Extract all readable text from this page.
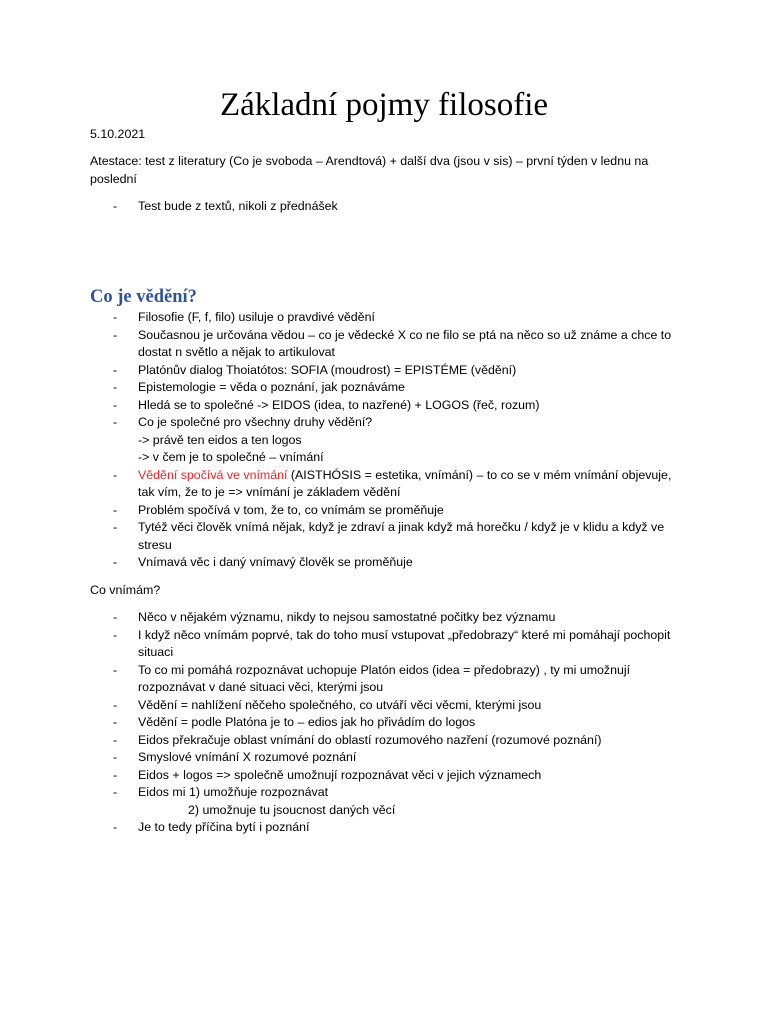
Základní pojmy filosofie

5.10.2021

Atestace: test z literatury (Co je svoboda – Arendtová) + další dva (jsou v sis) – první týden v lednu na poslední

- Test bude z textů, nikoli z přednášek
Co je vědění?
- Filosofie (F, f, filo) usiluje o pravdivé vědění
- Současnou je určována vědou – co je vědecké X co ne filo se ptá na něco so už známe a chce to dostat n světlo a nějak to artikulovat
- Platónův dialog Thoiatótos: SOFIA (moudrost) = EPISTÉME (vědění)
- Epistemologie = věda o poznání, jak poznáváme
- Hledá se to společné -> EIDOS (idea, to nazřené) + LOGOS (řeč, rozum)
- Co je společné pro všechny druhy vědění?
-> právě ten eidos a ten logos
-> v čem je to společné – vnímání
- Vědění spočívá ve vnímání (AISTHÓSIS = estetika, vnímání) – to co se v mém vnímání objevuje, tak vím, že to je => vnímání je základem vědění
- Problém spočívá v tom, že to, co vnímám se proměňuje
- Tytéž věci člověk vnímá nějak, když je zdraví a jinak když má horečku / když je v klidu a když ve stresu
- Vnímavá věc i daný vnímavý člověk se proměňuje

Co vnímám?

- Něco v nějakém významu, nikdy to nejsou samostatné počitky bez významu
- I když něco vnímám poprvé, tak do toho musí vstupovat „předobrazy“ které mi pomáhají pochopit situaci
- To co mi pomáhá rozpoznávat uchopuje Platón eidos (idea = předobrazy) , ty mi umožnují rozpoznávat v dané situaci věci, kterými jsou
- Vědění = nahlížení něčeho společného, co utváří věci věcmi, kterými jsou
- Vědění = podle Platóna je to – edios jak ho přivádím do logos
- Eidos překračuje oblast vnímání do oblastí rozumového nazření (rozumové poznání)
- Smyslové vnímání X rozumové poznání
- Eidos + logos => společně umožnují rozpoznávat věci v jejich významech
- Eidos mi 1) umožňuje rozpoznávat
2) umožnuje tu jsoucnost daných věcí
- Je to tedy příčina bytí i poznání
